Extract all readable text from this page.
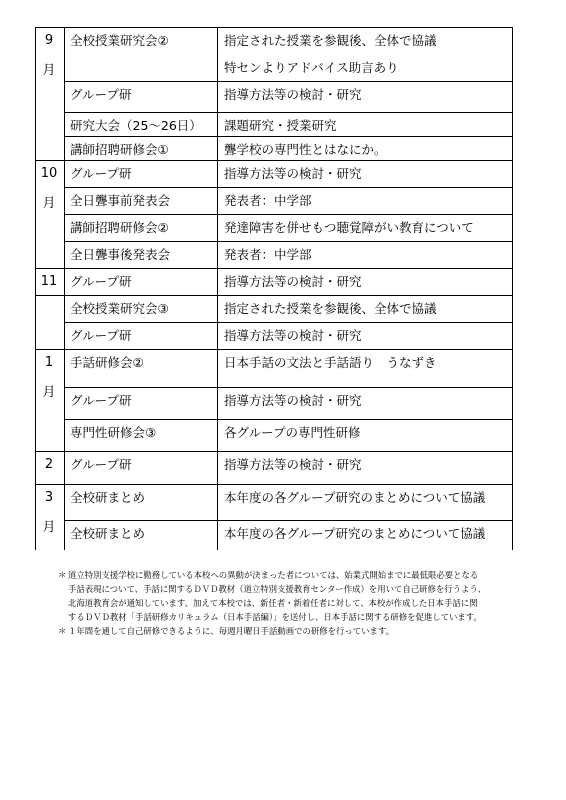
9
月
全校授業研究会②	指定された授業を参観後、全体で協議
特センよりアドバイス助言あり
グループ研	指導方法等の検討・研究
研究大会（25〜26日） 課題研究・授業研究
講師招聘研修会①	聾学校の専門性とはなにか。
10
月
グループ研	指導方法等の検討・研究
全日聾事前発表会	発表者：中学部
講師招聘研修会②	発達障害を併せもつ聴覚障がい教育について
全日聾事後発表会	発表者：中学部
11 グループ研	指導方法等の検討・研究
全校授業研究会③	指定された授業を参観後、全体で協議
グループ研	指導方法等の検討・研究
1
月
手話研修会②	日本手話の文法と手話語り　うなずき
グループ研	指導方法等の検討・研究
専門性研修会③	各グループの専門性研修
2	グループ研	指導方法等の検討・研究
3
月
全校研まとめ	本年度の各グループ研究のまとめについて協議
全校研まとめ	本年度の各グループ研究のまとめについて協議
＊ 道立特別支援学校に勤務している本校への異動が決まった者については、始業式開始までに最低限必要となる
手話表現について、手話に関するＤＶＤ教材（道立特別支援教育センター作成）を用いて自己研修を行うよう、
北海道教育会が通知しています。加えて本校では、新任者・新着任者に対して、本校が作成した日本手話に関
するＤＶＤ教材「手話研修カリキュラム（日本手話編）」を送付し、日本手話に関する研修を促進しています。
＊ １年間を通して自己研修できるように、毎週月曜日手話動画での研修を行っています。
